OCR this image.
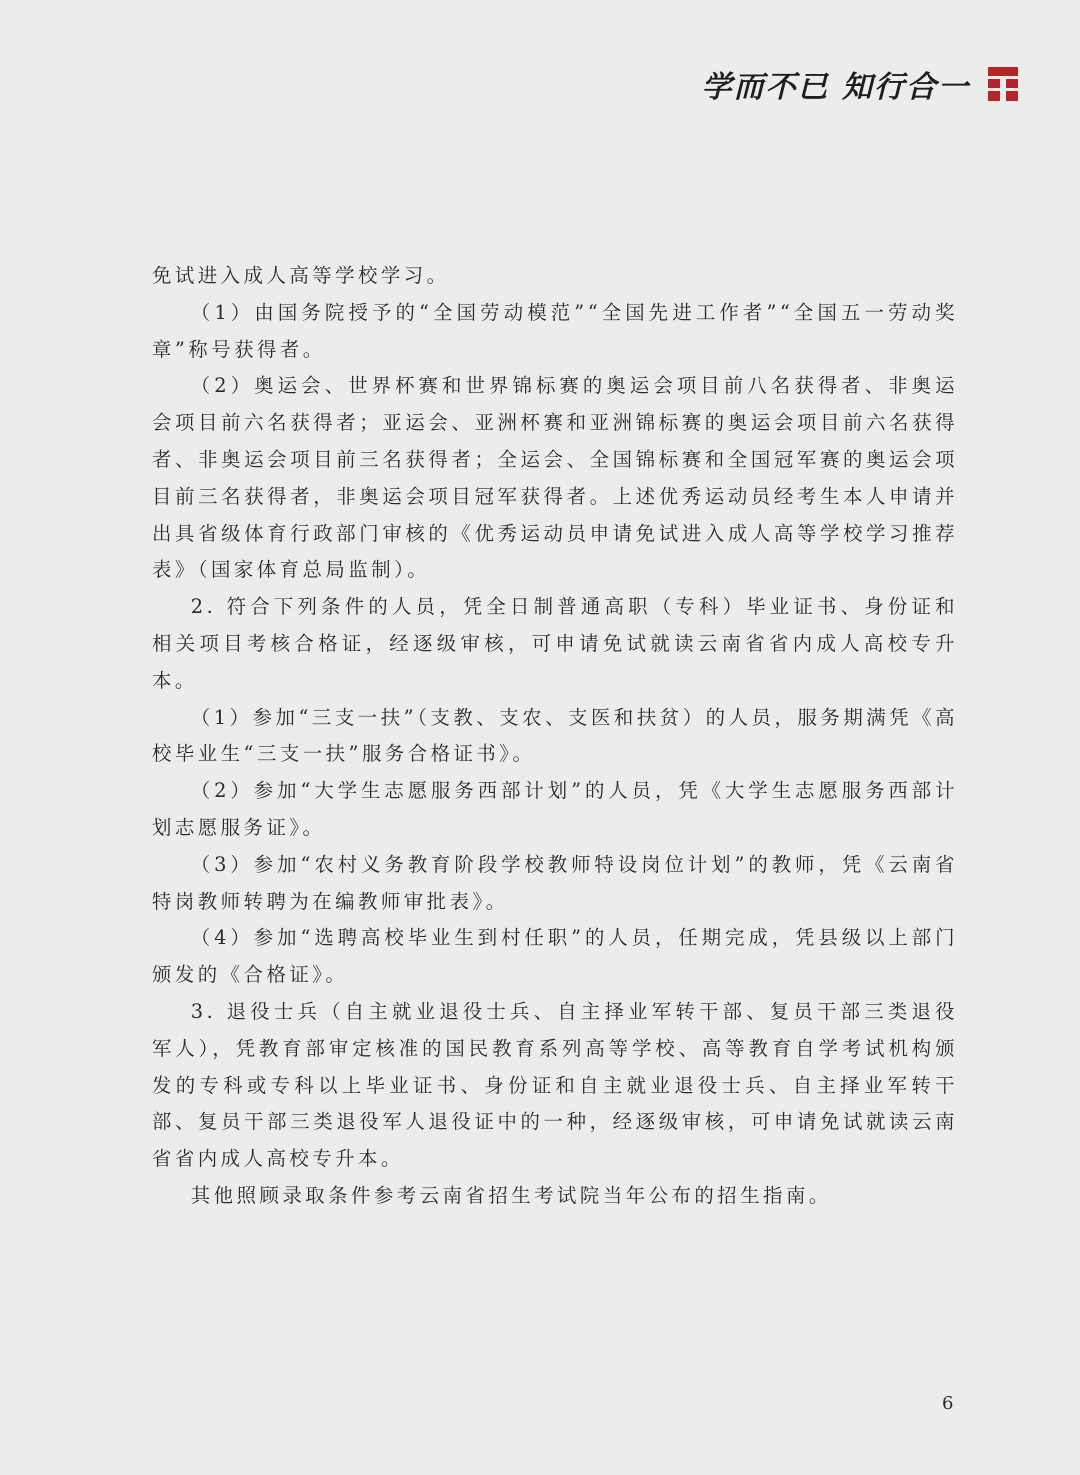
学而不已 知行合一

免试进入成人高等学校学习。

（1）由国务院授予的“全国劳动模范”“全国先进工作者”“全国五一劳动奖章”称号获得者。

（2）奥运会、世界杯赛和世界锦标赛的奥运会项目前八名获得者、非奥运会项目前六名获得者；亚运会、亚洲杯赛和亚洲锦标赛的奥运会项目前六名获得者、非奥运会项目前三名获得者；全运会、全国锦标赛和全国冠军赛的奥运会项目前三名获得者，非奥运会项目冠军获得者。上述优秀运动员经考生本人申请并出具省级体育行政部门审核的《优秀运动员申请免试进入成人高等学校学习推荐表》（国家体育总局监制）。

2. 符合下列条件的人员，凭全日制普通高职（专科）毕业证书、身份证和相关项目考核合格证，经逐级审核，可申请免试就读云南省省内成人高校专升本。

（1）参加“三支一扶”（支教、支农、支医和扶贫）的人员，服务期满凭《高校毕业生“三支一扶”服务合格证书》。

（2）参加“大学生志愿服务西部计划”的人员，凭《大学生志愿服务西部计划志愿服务证》。

（3）参加“农村义务教育阶段学校教师特设岗位计划”的教师，凭《云南省特岗教师转聘为在编教师审批表》。

（4）参加“选聘高校毕业生到村任职”的人员，任期完成，凭县级以上部门颁发的《合格证》。

3. 退役士兵（自主就业退役士兵、自主择业军转干部、复员干部三类退役军人），凭教育部审定核准的国民教育系列高等学校、高等教育自学考试机构颁发的专科或专科以上毕业证书、身份证和自主就业退役士兵、自主择业军转干部、复员干部三类退役军人退役证中的一种，经逐级审核，可申请免试就读云南省省内成人高校专升本。

其他照顾录取条件参考云南省招生考试院当年公布的招生指南。

6
